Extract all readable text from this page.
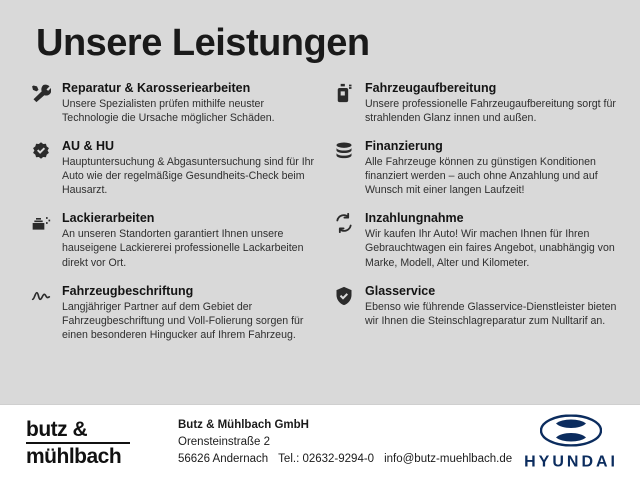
Unsere Leistungen
Reparatur & Karosseriearbeiten
Unsere Spezialisten prüfen mithilfe neuster Technologie die Ursache möglicher Schäden.
AU & HU
Hauptuntersuchung & Abgasuntersuchung sind für Ihr Auto wie der regelmäßige Gesundheits-Check beim Hausarzt.
Lackierarbeiten
An unseren Standorten garantiert Ihnen unsere hauseigene Lackiererei professionelle Lackarbeiten direkt vor Ort.
Fahrzeugbeschriftung
Langjähriger Partner auf dem Gebiet der Fahrzeugbeschriftung und Voll-Folierung sorgen für einen besonderen Hingucker auf Ihrem Fahrzeug.
Fahrzeugaufbereitung
Unsere professionelle Fahrzeugaufbereitung sorgt für strahlenden Glanz innen und außen.
Finanzierung
Alle Fahrzeuge können zu günstigen Konditionen finanziert werden – auch ohne Anzahlung und auf Wunsch mit einer langen Laufzeit!
Inzahlungnahme
Wir kaufen Ihr Auto! Wir machen Ihnen für Ihren Gebrauchtwagen ein faires Angebot, unabhängig von Marke, Modell, Alter und Kilometer.
Glasservice
Ebenso wie führende Glasservice-Dienstleister bieten wir Ihnen die Steinschlagreparatur zum Nulltarif an.
butz &
mühlbach
Butz & Mühlbach GmbH
Orensteinstraße 2
56626 Andernach Tel.: 02632-9294-0 info@butz-muehlbach.de HYUNDAI
